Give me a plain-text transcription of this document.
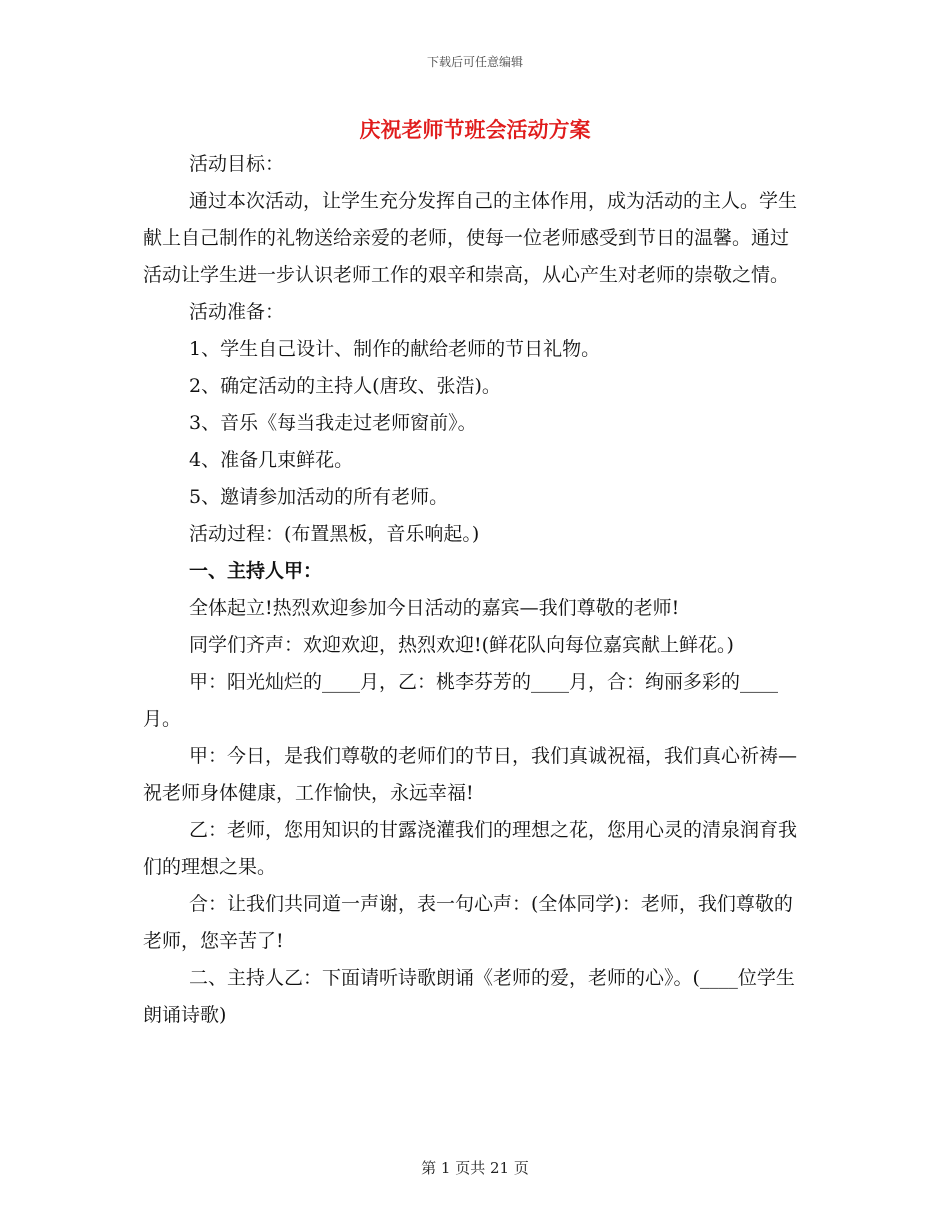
下载后可任意编辑
庆祝老师节班会活动方案

活动目标：

通过本次活动，让学生充分发挥自己的主体作用，成为活动的主人。学生献上自己制作的礼物送给亲爱的老师，使每一位老师感受到节日的温馨。通过活动让学生进一步认识老师工作的艰辛和崇高，从心产生对老师的崇敬之情。

活动准备：

1、学生自己设计、制作的献给老师的节日礼物。

2、确定活动的主持人(唐玫、张浩)。

3、音乐《每当我走过老师窗前》。

4、准备几束鲜花。

5、邀请参加活动的所有老师。

活动过程：(布置黑板，音乐响起。)

一、主持人甲：

全体起立!热烈欢迎参加今日活动的嘉宾—我们尊敬的老师!

同学们齐声：欢迎欢迎，热烈欢迎!(鲜花队向每位嘉宾献上鲜花。)

甲：阳光灿烂的____月，乙：桃李芬芳的____月，合：绚丽多彩的____月。

甲：今日，是我们尊敬的老师们的节日，我们真诚祝福，我们真心祈祷—祝老师身体健康，工作愉快，永远幸福!

乙：老师，您用知识的甘露浇灌我们的理想之花，您用心灵的清泉润育我们的理想之果。

合：让我们共同道一声谢，表一句心声：(全体同学)：老师，我们尊敬的老师，您辛苦了!

二、主持人乙：下面请听诗歌朗诵《老师的爱，老师的心》。(____位学生朗诵诗歌)

第 1 页共 21 页
